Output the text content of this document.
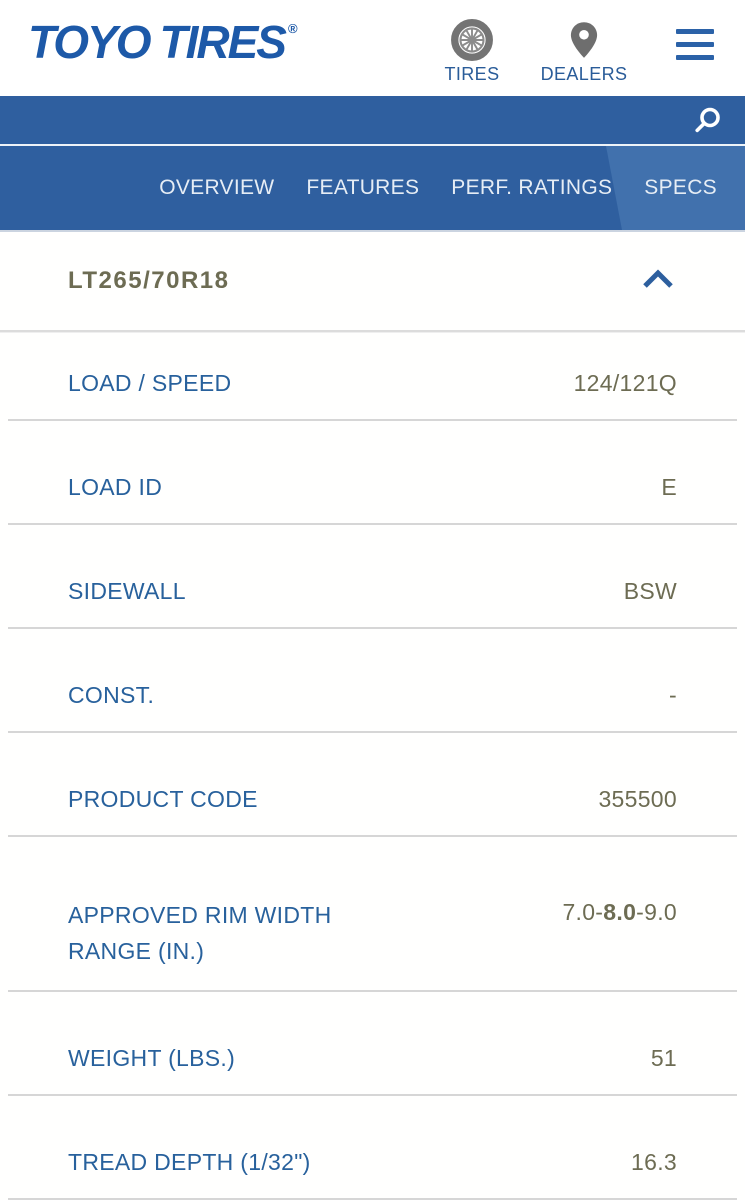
TOYO TIRES®
TIRES	DEALERS
OVERVIEW FEATURES PERF. RATINGS SPECS
LT265/70R18
LOAD / SPEED	124/121Q
LOAD ID	E
SIDEWALL	BSW
CONST.	-
PRODUCT CODE	355500
APPROVED RIM WIDTH RANGE (IN.)
7.0-8.0-9.0
WEIGHT (LBS.)	51
TREAD DEPTH (1/32")	16.3
